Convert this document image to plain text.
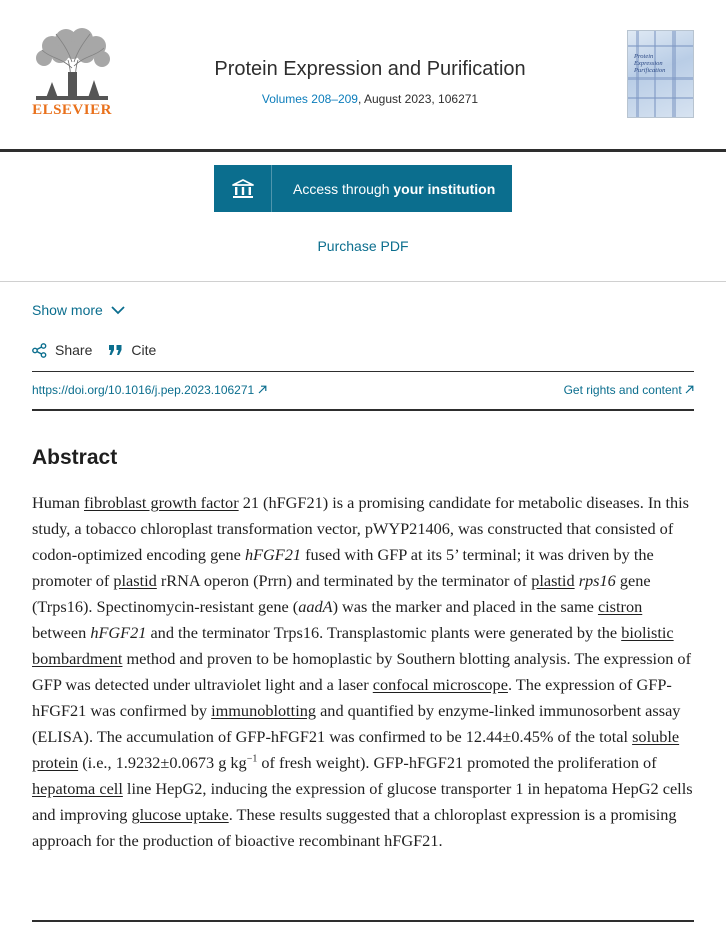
ELSEVIER
Protein Expression and Purification
Volumes 208–209, August 2023, 106271
Protein
Expression
Purification
Access through your institution
Purchase PDF
Show more
Share	Cite
https://doi.org/10.1016/j.pep.2023.106271	Get rights and content
Abstract

Human fibroblast growth factor 21 (hFGF21) is a promising candidate for metabolic diseases. In this study, a tobacco chloroplast transformation vector, pWYP21406, was constructed that consisted of codon-optimized encoding gene hFGF21 fused with GFP at its 5’ terminal; it was driven by the promoter of plastid rRNA operon (Prrn) and terminated by the terminator of plastid rps16 gene (Trps16). Spectinomycin-resistant gene (aadA) was the marker and placed in the same cistron between hFGF21 and the terminator Trps16. Transplastomic plants were generated by the biolistic bombardment method and proven to be homoplastic by Southern blotting analysis. The expression of GFP was detected under ultraviolet light and a laser confocal microscope. The expression of GFP-hFGF21 was confirmed by immunoblotting and quantified by enzyme-linked immunosorbent assay (ELISA). The accumulation of GFP-hFGF21 was confirmed to be 12.44±0.45% of the total soluble protein (i.e., 1.9232±0.0673 g $kg^{-1}$ of fresh weight). GFP-hFGF21 promoted the proliferation of hepatoma cell line HepG2, inducing the expression of glucose transporter 1 in hepatoma HepG2 cells and improving glucose uptake. These results suggested that a chloroplast expression is a promising approach for the production of bioactive recombinant hFGF21.
